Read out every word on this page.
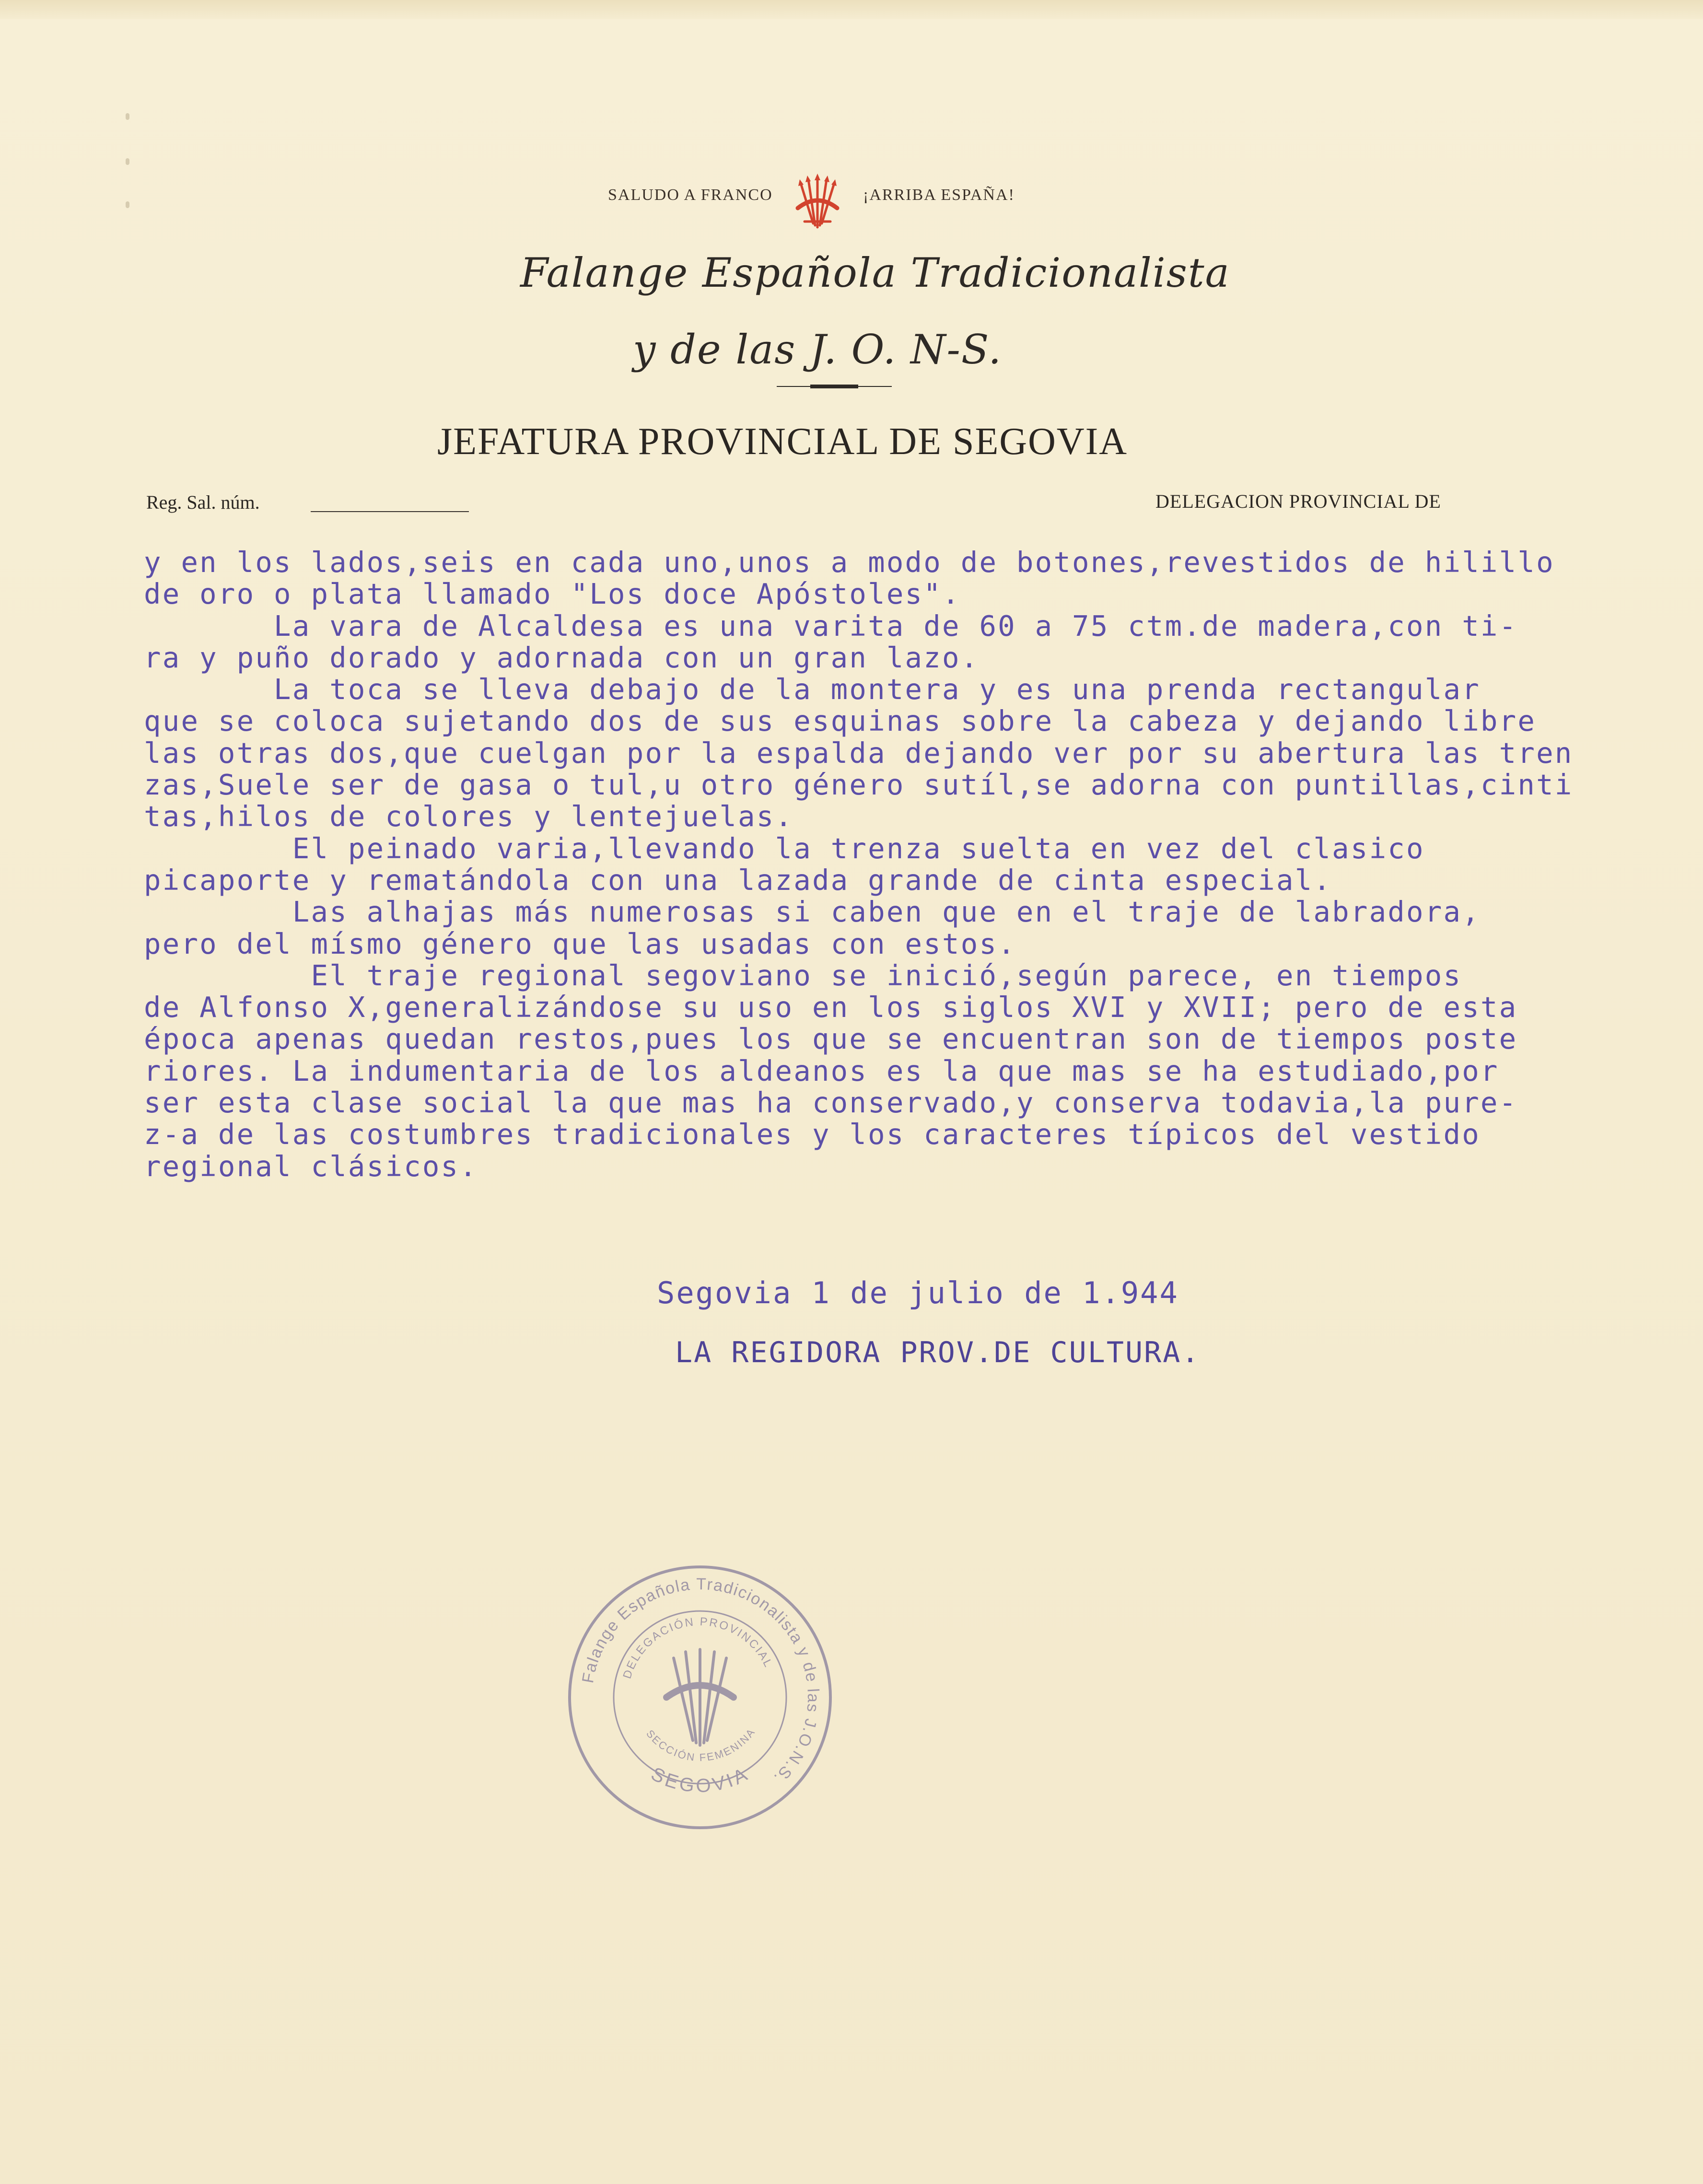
SALUDO A FRANCO	¡ARRIBA ESPAÑA!
Falange Española Tradicionalista
y de las J. O. N-S.
JEFATURA PROVINCIAL DE SEGOVIA
Reg. Sal. núm.	DELEGACION PROVINCIAL DE
y en los lados,seis en cada uno,unos a modo de botones,revestidos de hilillo
de oro o plata llamado "Los doce Apóstoles".
La vara de Alcaldesa es una varita de 60 a 75 ctm.de madera,con ti-
ra y puño dorado y adornada con un gran lazo.
La toca se lleva debajo de la montera y es una prenda rectangular
que se coloca sujetando dos de sus esquinas sobre la cabeza y dejando libre
las otras dos,que cuelgan por la espalda dejando ver por su abertura las tren
zas,Suele ser de gasa o tul,u otro género sutíl,se adorna con puntillas,cinti
tas,hilos de colores y lentejuelas.
El peinado varia,llevando la trenza suelta en vez del clasico
picaporte y rematándola con una lazada grande de cinta especial.
Las alhajas más numerosas si caben que en el traje de labradora,
pero del mísmo género que las usadas con estos.
El traje regional segoviano se inició,según parece, en tiempos
de Alfonso X,generalizándose su uso en los siglos XVI y XVII; pero de esta
época apenas quedan restos,pues los que se encuentran son de tiempos poste
riores. La indumentaria de los aldeanos es la que mas se ha estudiado,por
ser esta clase social la que mas ha conservado,y conserva todavia,la pure-
z-a de las costumbres tradicionales y los caracteres típicos del vestido
regional clásicos.
Segovia 1 de julio de 1.944
LA REGIDORA PROV.DE CULTURA.
Falange Española Tradicionalista y de las J.O.N.S.
DELEGACIÓN PROVINCIAL
SECCIÓN FEMENINA
SEGOVIA
